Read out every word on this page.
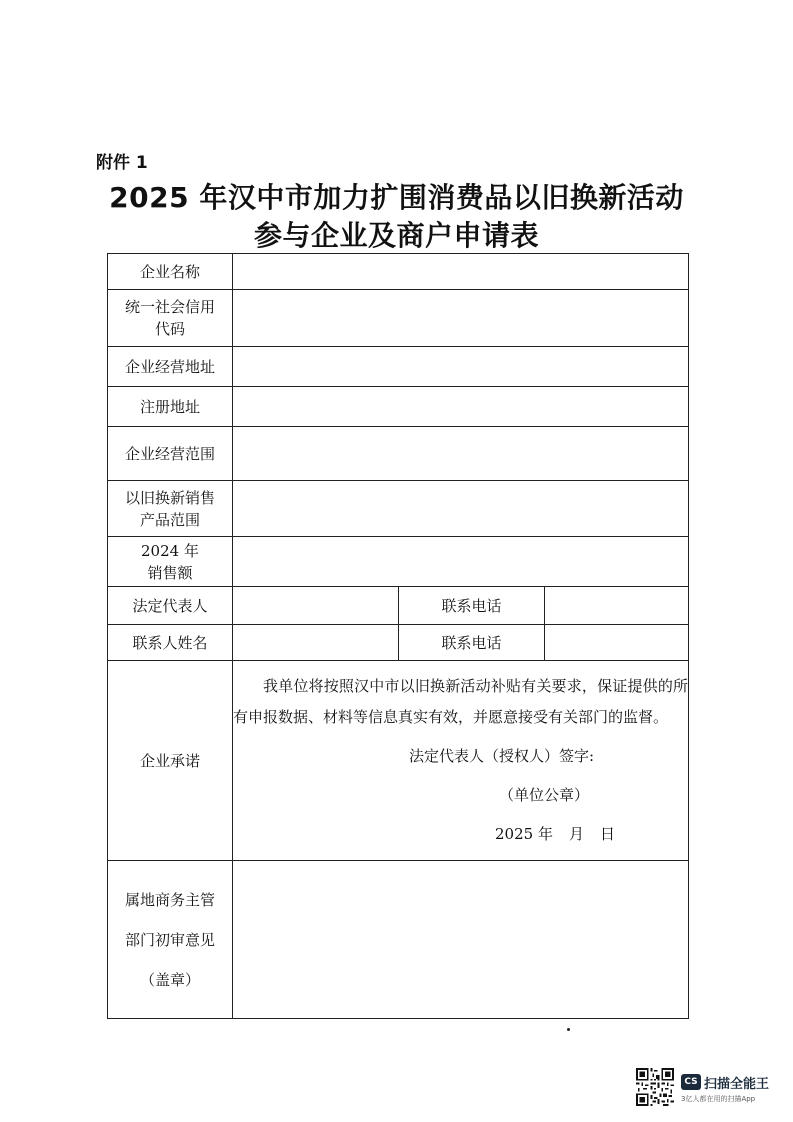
附件 1
2025 年汉中市加力扩围消费品以旧换新活动
参与企业及商户申请表
企业名称			

统一社会信用
代码			

企业经营地址			
注册地址			
企业经营范围			

以旧换新销售
产品范围			

2024 年
销售额			

法定代表人		联系电话	
联系人姓名		联系电话	
企业承诺	我单位将按照汉中市以旧换新活动补贴有关要求，保证提供的所有申报数据、材料等信息真实有效，并愿意接受有关部门的监督。

法定代表人（授权人）签字:

（单位公章）

2025 年 月 日		

属地商务主管
部门初审意见
（盖章）			

CS 扫描全能王
3亿人都在用的扫描App
